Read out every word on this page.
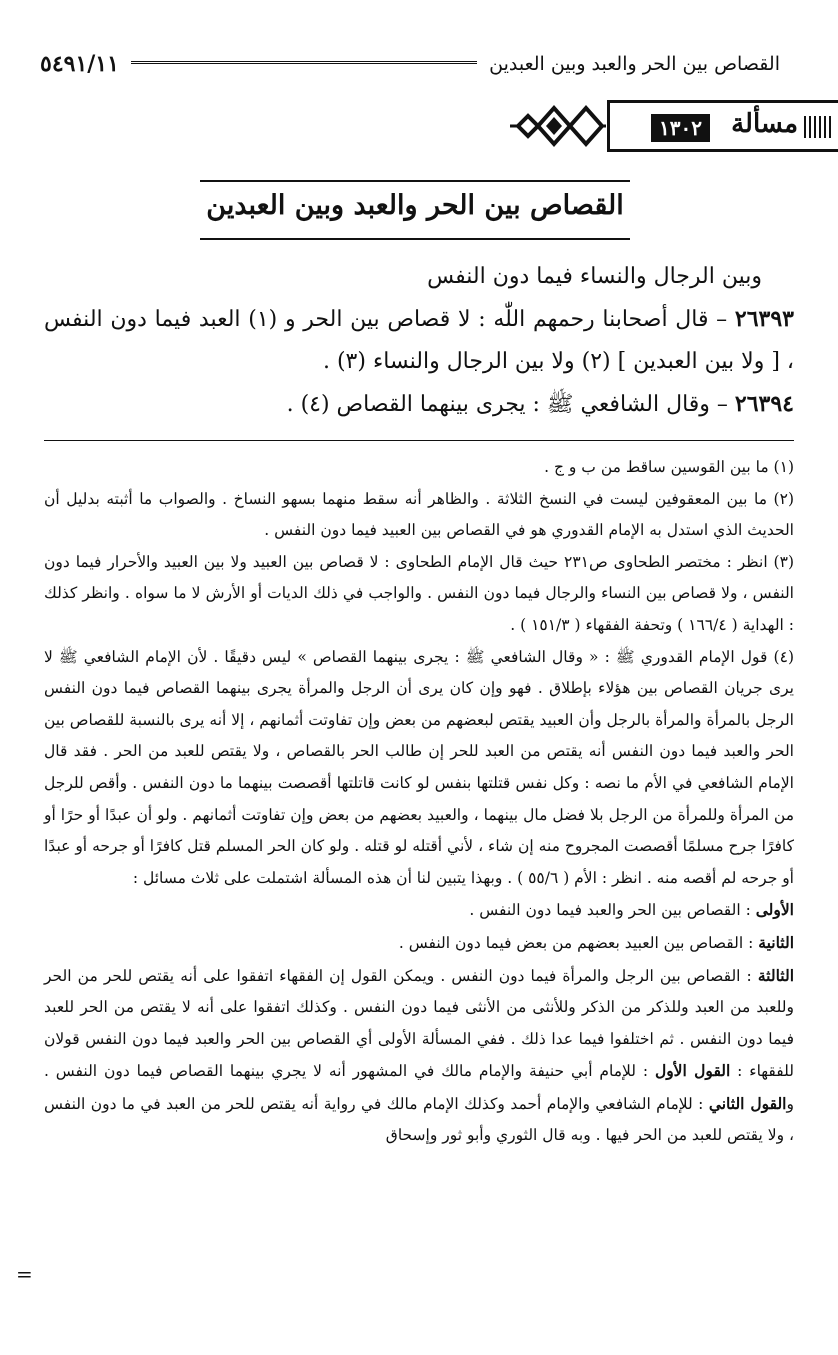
القصاص بين الحر والعبد وبين العبدين
٥٤٩١/١١
مسألة
١٣٠٢
القصاص بين الحر والعبد وبين العبدين

وبين الرجال والنساء فيما دون النفس

٢٦٣٩٣ – قال أصحابنا رحمهم اللّٰه : لا قصاص بين الحر و (١) العبد فيما دون النفس ، [ ولا بين العبدين ] (٢) ولا بين الرجال والنساء (٣) .

٢٦٣٩٤ – وقال الشافعي ﷺ : يجرى بينهما القصاص (٤) .

(١) ما بين القوسين ساقط من ب و ج .

(٢) ما بين المعقوفين ليست في النسخ الثلاثة . والظاهر أنه سقط منهما بسهو النساخ . والصواب ما أثبته بدليل أن الحديث الذي استدل به الإمام القدوري هو في القصاص بين العبيد فيما دون النفس .

(٣) انظر : مختصر الطحاوى ص٢٣١ حيث قال الإمام الطحاوى : لا قصاص بين العبيد ولا بين العبيد والأحرار فيما دون النفس ، ولا قصاص بين النساء والرجال فيما دون النفس . والواجب في ذلك الديات أو الأرش لا ما سواه . وانظر كذلك : الهداية ( ١٦٦/٤ ) وتحفة الفقهاء ( ١٥١/٣ ) .

(٤) قول الإمام القدوري ﷺ : « وقال الشافعي ﷺ : يجرى بينهما القصاص » ليس دقيقًا . لأن الإمام الشافعي ﷺ لا يرى جريان القصاص بين هؤلاء بإطلاق . فهو وإن كان يرى أن الرجل والمرأة يجرى بينهما القصاص فيما دون النفس الرجل بالمرأة والمرأة بالرجل وأن العبيد يقتص لبعضهم من بعض وإن تفاوتت أثمانهم ، إلا أنه يرى بالنسبة للقصاص بين الحر والعبد فيما دون النفس أنه يقتص من العبد للحر إن طالب الحر بالقصاص ، ولا يقتص للعبد من الحر . فقد قال الإمام الشافعي في الأم ما نصه : وكل نفس قتلتها بنفس لو كانت قاتلتها أقصصت بينهما ما دون النفس . وأقص للرجل من المرأة وللمرأة من الرجل بلا فضل مال بينهما ، والعبيد بعضهم من بعض وإن تفاوتت أثمانهم . ولو أن عبدًا أو حرًا أو كافرًا جرح مسلمًا أقصصت المجروح منه إن شاء ، لأني أقتله لو قتله . ولو كان الحر المسلم قتل كافرًا أو جرحه أو عبدًا أو جرحه لم أقصه منه . انظر : الأم ( ٥٥/٦ ) . وبهذا يتبين لنا أن هذه المسألة اشتملت على ثلاث مسائل :

الأولى : القصاص بين الحر والعبد فيما دون النفس .

الثانية : القصاص بين العبيد بعضهم من بعض فيما دون النفس .

الثالثة : القصاص بين الرجل والمرأة فيما دون النفس . ويمكن القول إن الفقهاء اتفقوا على أنه يقتص للحر من الحر وللعبد من العبد وللذكر من الذكر وللأنثى من الأنثى فيما دون النفس . وكذلك اتفقوا على أنه لا يقتص من الحر للعبد فيما دون النفس . ثم اختلفوا فيما عدا ذلك . ففي المسألة الأولى أي القصاص بين الحر والعبد فيما دون النفس قولان للفقهاء : القول الأول : للإمام أبي حنيفة والإمام مالك في المشهور أنه لا يجري بينهما القصاص فيما دون النفس . والقول الثاني : للإمام الشافعي والإمام أحمد وكذلك الإمام مالك في رواية أنه يقتص للحر من العبد في ما دون النفس ، ولا يقتص للعبد من الحر فيها . وبه قال الثوري وأبو ثور وإسحاق

=
